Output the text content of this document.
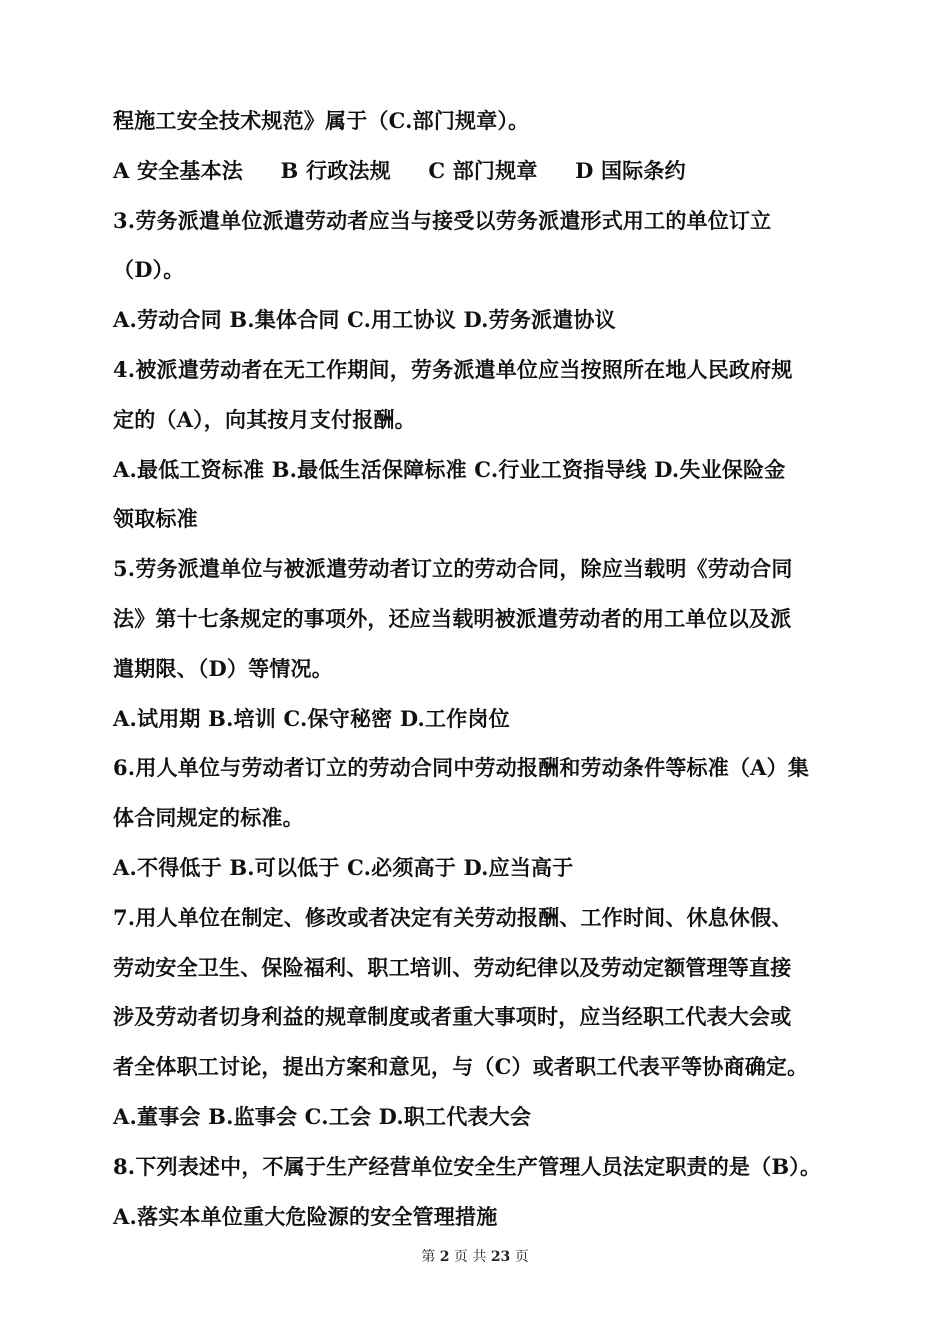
程施工安全技术规范》属于（C.部门规章）。
A 安全基本法 B 行政法规 C 部门规章 D 国际条约
3.劳务派遣单位派遣劳动者应当与接受以劳务派遣形式用工的单位订立
（D）。
A.劳动合同 B.集体合同 C.用工协议 D.劳务派遣协议
4.被派遣劳动者在无工作期间，劳务派遣单位应当按照所在地人民政府规
定的（A），向其按月支付报酬。
A.最低工资标准 B.最低生活保障标准 C.行业工资指导线 D.失业保险金
领取标准
5.劳务派遣单位与被派遣劳动者订立的劳动合同，除应当载明《劳动合同
法》第十七条规定的事项外，还应当载明被派遣劳动者的用工单位以及派
遣期限、（D）等情况。
A.试用期 B.培训 C.保守秘密 D.工作岗位
6.用人单位与劳动者订立的劳动合同中劳动报酬和劳动条件等标准（A）集
体合同规定的标准。
A.不得低于 B.可以低于 C.必须高于 D.应当高于
7.用人单位在制定、修改或者决定有关劳动报酬、工作时间、休息休假、
劳动安全卫生、保险福利、职工培训、劳动纪律以及劳动定额管理等直接
涉及劳动者切身利益的规章制度或者重大事项时，应当经职工代表大会或
者全体职工讨论，提出方案和意见，与（C）或者职工代表平等协商确定。
A.董事会 B.监事会 C.工会 D.职工代表大会
8.下列表述中，不属于生产经营单位安全生产管理人员法定职责的是（B）。
A.落实本单位重大危险源的安全管理措施
第 2 页 共 23 页
